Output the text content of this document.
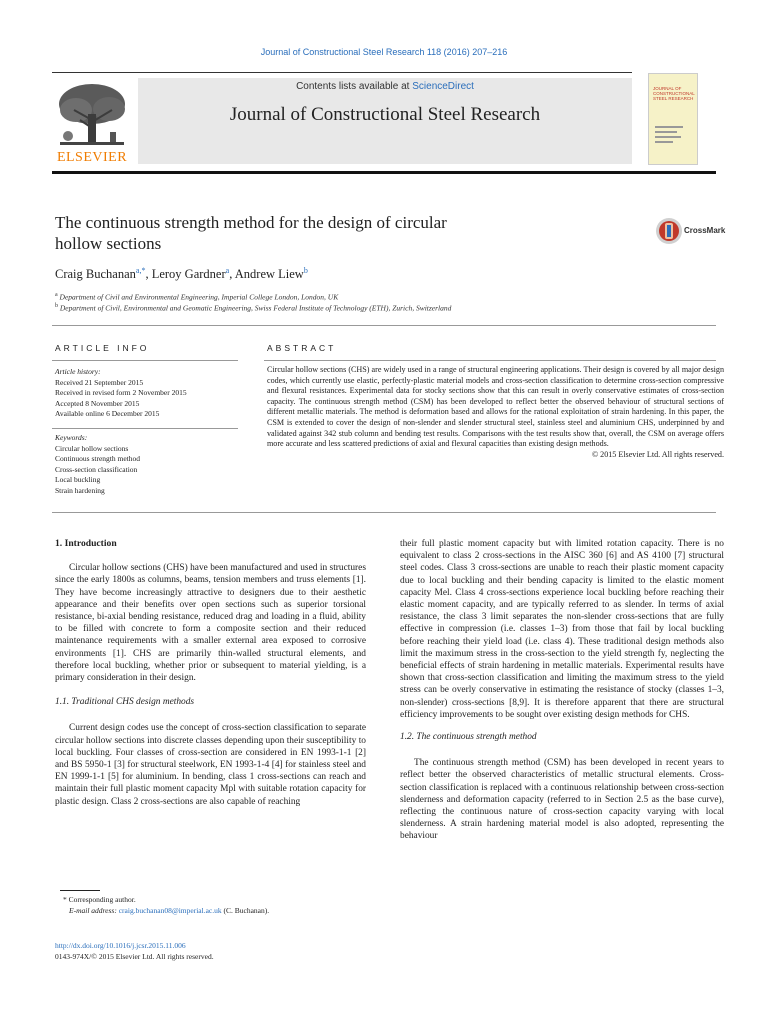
Journal of Constructional Steel Research 118 (2016) 207–216
ELSEVIER
Contents lists available at ScienceDirect
Journal of Constructional Steel Research
JOURNAL OF CONSTRUCTIONAL STEEL RESEARCH
The continuous strength method for the design of circular
hollow sections
CrossMark
Craig Buchanan$^{a,*}$, Leroy Gardner$^a$, Andrew Liew$^b$
$^a$ Department of Civil and Environmental Engineering, Imperial College London, London, UK
$^b$ Department of Civil, Environmental and Geomatic Engineering, Swiss Federal Institute of Technology (ETH), Zurich, Switzerland
ARTICLE INFO
Article history:
Received 21 September 2015
Received in revised form 2 November 2015
Accepted 8 November 2015
Available online 6 December 2015
Keywords:
Circular hollow sections
Continuous strength method
Cross-section classification
Local buckling
Strain hardening
ABSTRACT
Circular hollow sections (CHS) are widely used in a range of structural engineering applications. Their design is covered by all major design codes, which currently use elastic, perfectly-plastic material models and cross-section classification to determine cross-section compressive and flexural resistances. Experimental data for stocky sections show that this can result in overly conservative estimates of cross-section capacity. The continuous strength method (CSM) has been developed to reflect better the observed behaviour of structural sections of different metallic materials. The method is deformation based and allows for the rational exploitation of strain hardening. In this paper, the CSM is extended to cover the design of non-slender and slender structural steel, stainless steel and aluminium CHS, underpinned by and validated against 342 stub column and bending test results. Comparisons with the test results show that, overall, the CSM on average offers more accurate and less scattered predictions of axial and flexural capacities than existing design methods.
© 2015 Elsevier Ltd. All rights reserved.
1. Introduction

Circular hollow sections (CHS) have been manufactured and used in structures since the early 1800s as columns, beams, tension members and truss elements [1]. They have become increasingly attractive to designers due to their aesthetic appearance and their benefits over open sections such as superior torsional resistance, bi-axial bending resistance, reduced drag and loading in a fluid, ability to be filled with concrete to form a composite section and their reduced maintenance requirements with a smaller external area exposed to corrosive environments [1]. CHS are primarily thin-walled structural elements, and therefore local buckling, whether prior or subsequent to material yielding, is a primary consideration in their design.

1.1. Traditional CHS design methods

Current design codes use the concept of cross-section classification to separate circular hollow sections into discrete classes depending upon their susceptibility to local buckling. Four classes of cross-section are considered in EN 1993-1-1 [2] and BS 5950-1 [3] for structural steelwork, EN 1993-1-4 [4] for stainless steel and EN 1999-1-1 [5] for aluminium. In bending, class 1 cross-sections can reach and maintain their full plastic moment capacity Mpl with suitable rotation capacity for plastic design. Class 2 cross-sections are also capable of reaching

* Corresponding author.
E-mail address: craig.buchanan08@imperial.ac.uk (C. Buchanan).
http://dx.doi.org/10.1016/j.jcsr.2015.11.006
0143-974X/© 2015 Elsevier Ltd. All rights reserved.

their full plastic moment capacity but with limited rotation capacity. There is no equivalent to class 2 cross-sections in the AISC 360 [6] and AS 4100 [7] structural steel codes. Class 3 cross-sections are unable to reach their plastic moment capacity due to local buckling and their bending capacity is limited to the elastic moment capacity Mel. Class 4 cross-sections experience local buckling before reaching their elastic moment capacity, and are typically referred to as slender. In terms of axial resistance, the class 3 limit separates the non-slender cross-sections that are fully effective in compression (i.e. classes 1–3) from those that fail by local buckling before reaching their yield load (i.e. class 4). These traditional design methods also limit the maximum stress in the cross-section to the yield strength fy, neglecting the beneficial effects of strain hardening in metallic materials. Experimental results have shown that cross-section classification and limiting the maximum stress to the yield stress can be overly conservative in estimating the resistance of stocky (classes 1–3, non-slender) cross-sections [8,9]. It is therefore apparent that there are structural efficiency improvements to be sought over existing design methods for CHS.

1.2. The continuous strength method

The continuous strength method (CSM) has been developed in recent years to reflect better the observed characteristics of metallic structural elements. Cross-section classification is replaced with a continuous relationship between cross-section slenderness and deformation capacity (referred to in Section 2.5 as the base curve), reflecting the continuous nature of cross-section capacity varying with local slenderness. A strain hardening material model is also adopted, representing the behaviour
